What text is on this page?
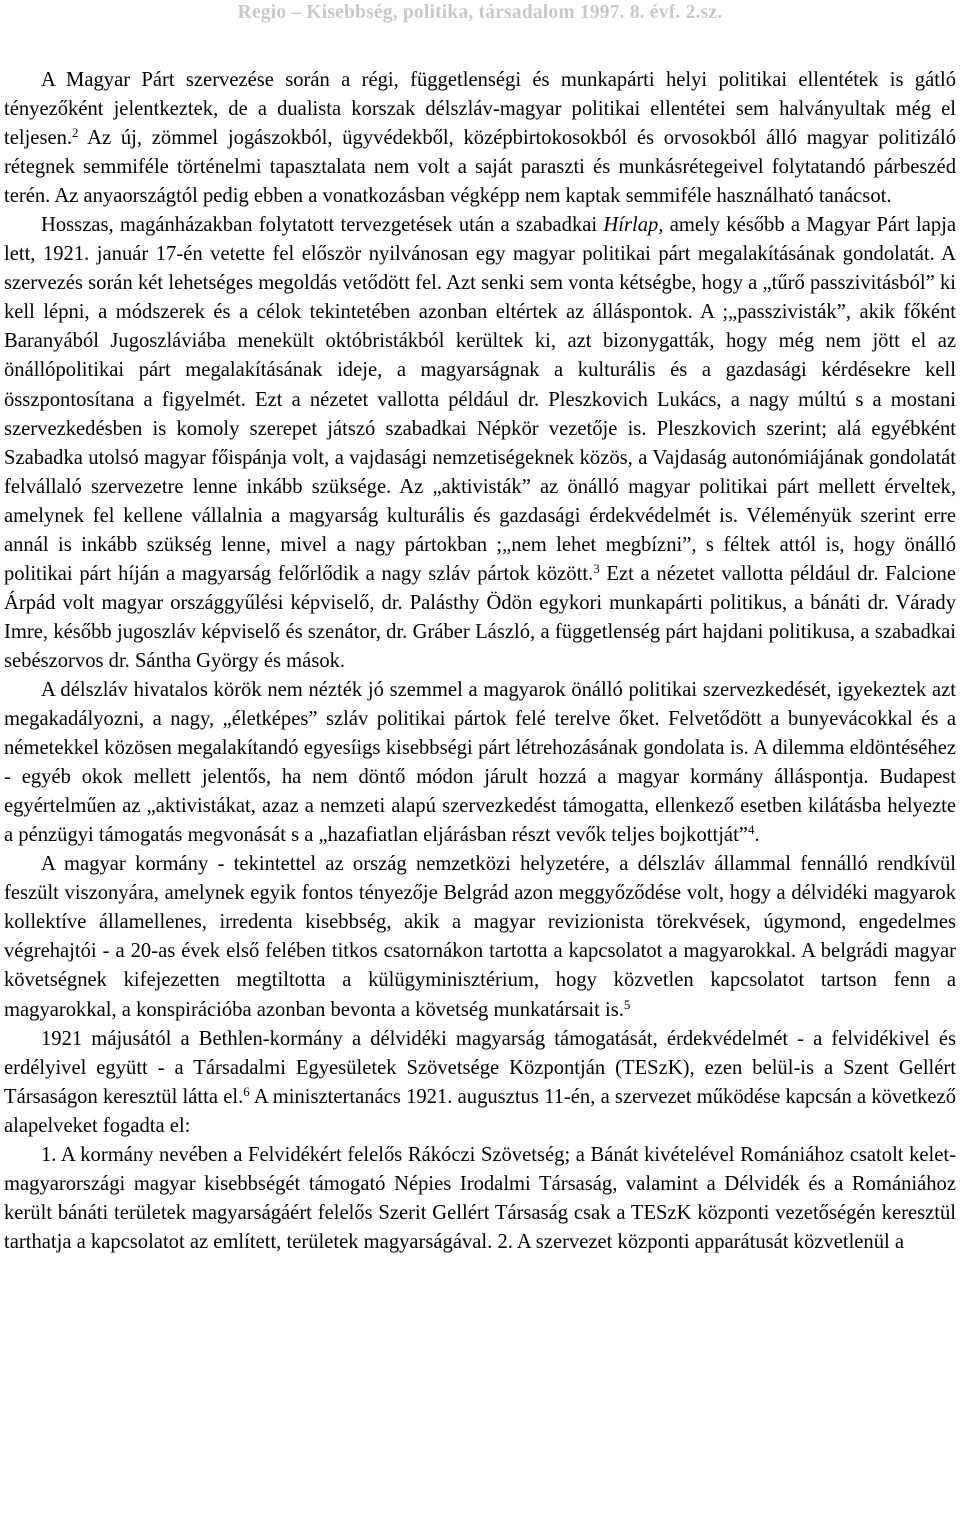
Regio – Kisebbség, politika, társadalom 1997. 8. évf. 2.sz.

A Magyar Párt szervezése során a régi, függetlenségi és munkapárti helyi politikai ellentétek is gátló tényezőként jelentkeztek, de a dualista korszak délszláv-magyar politikai ellentétei sem halványultak még el teljesen.$^2$ Az új, zömmel jogászokból, ügyvédekből, középbirtokosokból és orvosokból álló magyar politizáló rétegnek semmiféle történelmi tapasztalata nem volt a saját paraszti és munkásrétegeivel folytatandó párbeszéd terén. Az anyaországtól pedig ebben a vonatkozásban végképp nem kaptak semmiféle használható tanácsot.

Hosszas, magánházakban folytatott tervezgetések után a szabadkai Hírlap, amely később a Magyar Párt lapja lett, 1921. január 17-én vetette fel először nyilvánosan egy magyar politikai párt megalakításának gondolatát. A szervezés során két lehetséges megoldás vetődött fel. Azt senki sem vonta kétségbe, hogy a „tűrő passzivitásból” ki kell lépni, a módszerek és a célok tekintetében azonban eltértek az álláspontok. A ;„passzivisták”, akik főként Baranyából Jugoszláviába menekült októbristákból kerültek ki, azt bizonygatták, hogy még nem jött el az önállópolitikai párt megalakításának ideje, a magyarságnak a kulturális és a gazdasági kérdésekre kell összpontosítana a figyelmét. Ezt a nézetet vallotta például dr. Pleszkovich Lukács, a nagy múltú s a mostani szervezkedésben is komoly szerepet játszó szabadkai Népkör vezetője is. Pleszkovich szerint; alá egyébként Szabadka utolsó magyar főispánja volt, a vajdasági nemzetiségeknek közös, a Vajdaság autonómiájának gondolatát felvállaló szervezetre lenne inkább szüksége. Az „aktivisták” az önálló magyar politikai párt mellett érveltek, amelynek fel kellene vállalnia a magyarság kulturális és gazdasági érdekvédelmét is. Véleményük szerint erre annál is inkább szükség lenne, mivel a nagy pártokban ;„nem lehet megbízni”, s féltek attól is, hogy önálló politikai párt híján a magyarság felőrlődik a nagy szláv pártok között.$^3$ Ezt a nézetet vallotta például dr. Falcione Árpád volt magyar országgyűlési képviselő, dr. Palásthy Ödön egykori munkapárti politikus, a bánáti dr. Várady Imre, később jugoszláv képviselő és szenátor, dr. Gráber László, a függetlenség párt hajdani politikusa, a szabadkai sebészorvos dr. Sántha György és mások.

A délszláv hivatalos körök nem nézték jó szemmel a magyarok önálló politikai szervezkedését, igyekeztek azt megakadályozni, a nagy, „életképes” szláv politikai pártok felé terelve őket. Felvetődött a bunyevácokkal és a németekkel közösen megalakítandó egyesíigs kisebbségi párt létrehozásának gondolata is. A dilemma eldöntéséhez - egyéb okok mellett jelentős, ha nem döntő módon járult hozzá a magyar kormány álláspontja. Budapest egyértelműen az „aktivistákat, azaz a nemzeti alapú szervezkedést támogatta, ellenkező esetben kilátásba helyezte a pénzügyi támogatás megvonását s a „hazafiatlan eljárásban részt vevők teljes bojkottját”$^4$.

A magyar kormány - tekintettel az ország nemzetközi helyzetére, a délszláv állammal fennálló rendkívül feszült viszonyára, amelynek egyik fontos tényezője Belgrád azon meggyőződése volt, hogy a délvidéki magyarok kollektíve államellenes, irredenta kisebbség, akik a magyar revizionista törekvések, úgymond, engedelmes végrehajtói - a 20-as évek első felében titkos csatornákon tartotta a kapcsolatot a magyarokkal. A belgrádi magyar követségnek kifejezetten megtiltotta a külügyminisztérium, hogy közvetlen kapcsolatot tartson fenn a magyarokkal, a konspirációba azonban bevonta a követség munkatársait is.$^5$

1921 májusától a Bethlen-kormány a délvidéki magyarság támogatását, érdekvédelmét - a felvidékivel és erdélyivel együtt - a Társadalmi Egyesületek Szövetsége Központján (TESzK), ezen belül-is a Szent Gellért Társaságon keresztül látta el.$^6$ A minisztertanács 1921. augusztus 11-én, a szervezet működése kapcsán a következő alapelveket fogadta el:

1. A kormány nevében a Felvidékért felelős Rákóczi Szövetség; a Bánát kivételével Romániához csatolt kelet-magyarországi magyar kisebbségét támogató Népies Irodalmi Társaság, valamint a Délvidék és a Romániához került bánáti területek magyarságáért felelős Szerit Gellért Társaság csak a TESzK központi vezetőségén keresztül tarthatja a kapcsolatot az említett, területek magyarságával. 2. A szervezet központi apparátusát közvetlenül a
